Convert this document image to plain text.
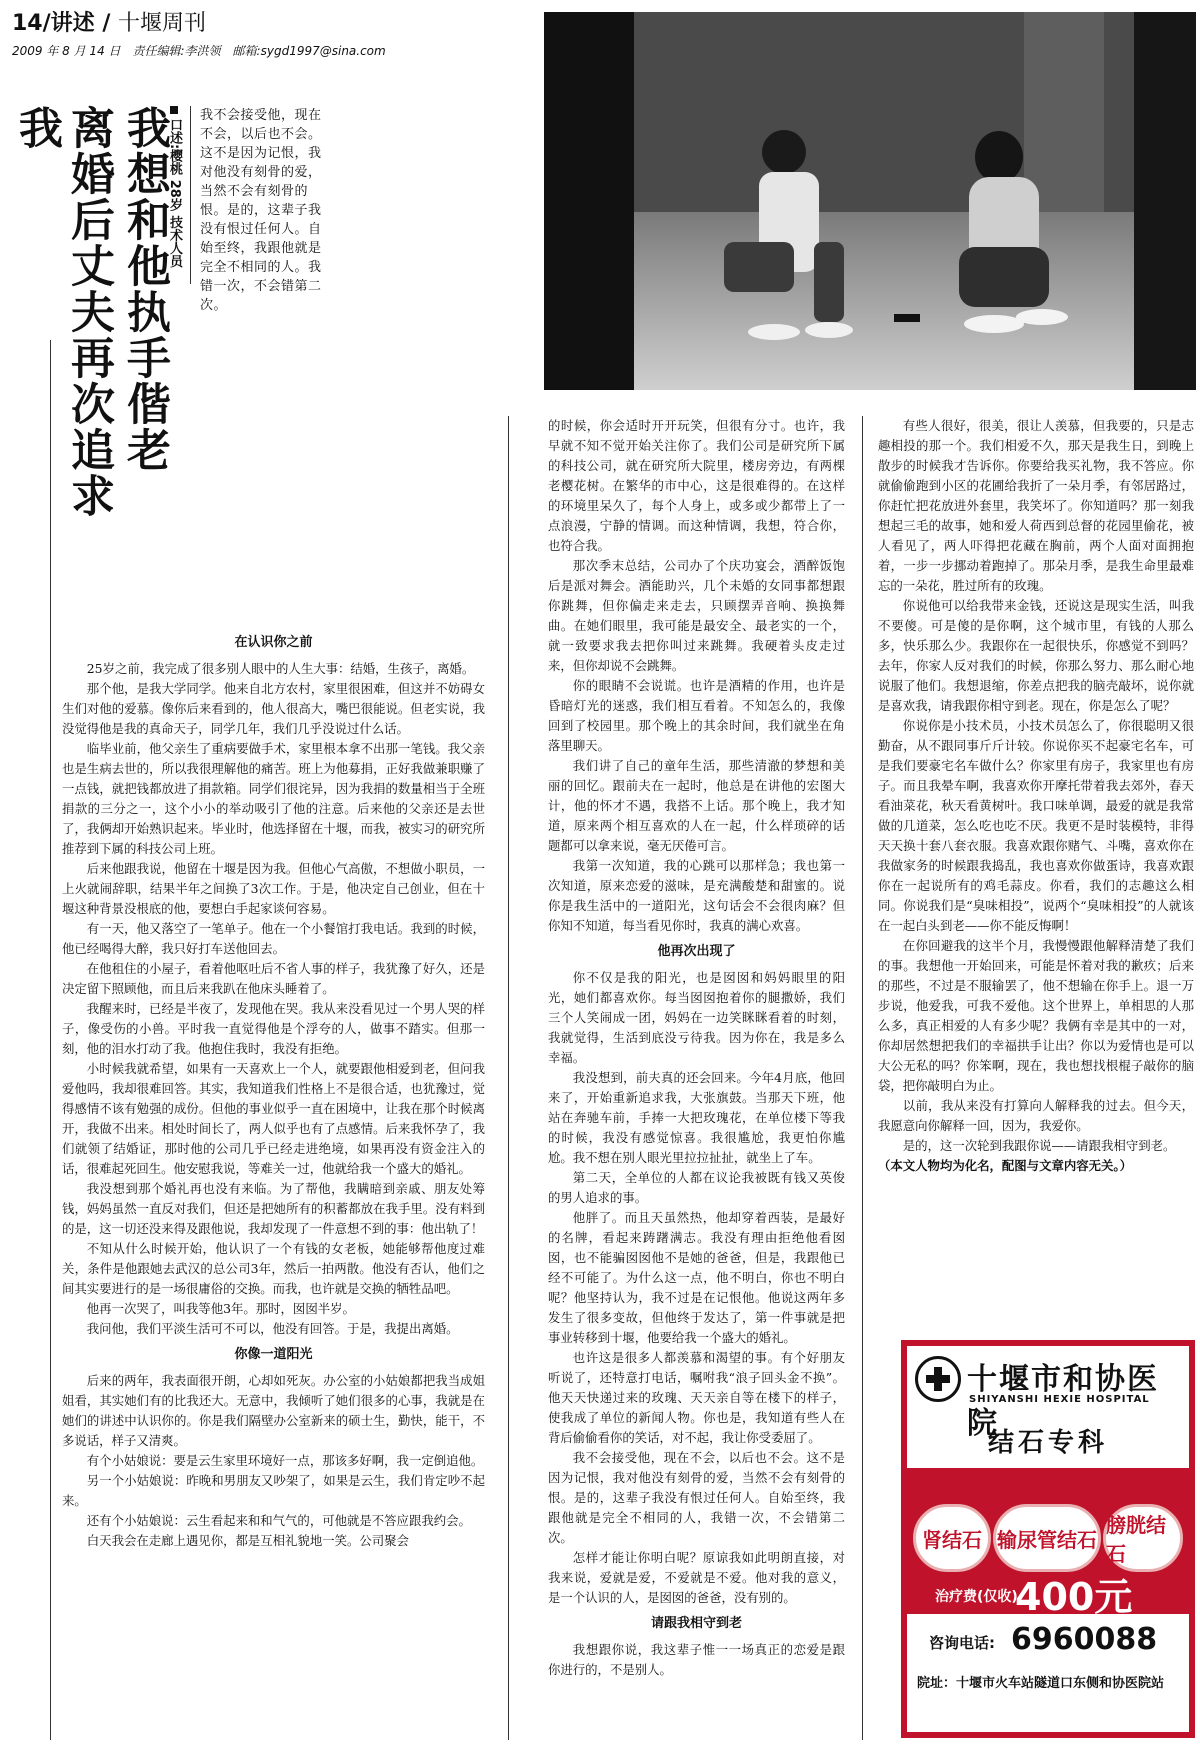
14/讲述 / 十堰周刊
2009 年 8 月 14 日　责任编辑:李洪领　邮箱:sygd1997@sina.com
我想和他执手偕老
离婚后丈夫再次追求我	口述:樱桃 28岁 技术人员
我不会接受他，现在不会，以后也不会。这不是因为记恨，我对他没有刻骨的爱，当然不会有刻骨的恨。是的，这辈子我没有恨过任何人。自始至终，我跟他就是完全不相同的人。我错一次，不会错第二次。
在认识你之前

25岁之前，我完成了很多别人眼中的人生大事：结婚，生孩子，离婚。

那个他，是我大学同学。他来自北方农村，家里很困难，但这并不妨碍女生们对他的爱慕。像你后来看到的，他人很高大，嘴巴很能说。但老实说，我没觉得他是我的真命天子，同学几年，我们几乎没说过什么话。

临毕业前，他父亲生了重病要做手术，家里根本拿不出那一笔钱。我父亲也是生病去世的，所以我很理解他的痛苦。班上为他募捐，正好我做兼职赚了一点钱，就把钱都放进了捐款箱。同学们很诧异，因为我捐的数量相当于全班捐款的三分之一，这个小小的举动吸引了他的注意。后来他的父亲还是去世了，我俩却开始熟识起来。毕业时，他选择留在十堰，而我，被实习的研究所推荐到下属的科技公司上班。

后来他跟我说，他留在十堰是因为我。但他心气高傲，不想做小职员，一上火就闹辞职，结果半年之间换了3次工作。于是，他决定自己创业，但在十堰这种背景没根底的他，要想白手起家谈何容易。

有一天，他又落空了一笔单子。他在一个小餐馆打我电话。我到的时候，他已经喝得大醉，我只好打车送他回去。

在他租住的小屋子，看着他呕吐后不省人事的样子，我犹豫了好久，还是决定留下照顾他，而且后来我趴在他床头睡着了。

我醒来时，已经是半夜了，发现他在哭。我从来没看见过一个男人哭的样子，像受伤的小兽。平时我一直觉得他是个浮夸的人，做事不踏实。但那一刻，他的泪水打动了我。他抱住我时，我没有拒绝。

小时候我就希望，如果有一天喜欢上一个人，就要跟他相爱到老，但问我爱他吗，我却很难回答。其实，我知道我们性格上不是很合适，也犹豫过，觉得感情不该有勉强的成份。但他的事业似乎一直在困境中，让我在那个时候离开，我做不出来。相处时间长了，两人似乎也有了点感情。后来我怀孕了，我们就领了结婚证，那时他的公司几乎已经走进绝境，如果再没有资金注入的话，很难起死回生。他安慰我说，等难关一过，他就给我一个盛大的婚礼。

我没想到那个婚礼再也没有来临。为了帮他，我瞒暗到亲戚、朋友处筹钱，妈妈虽然一直反对我们，但还是把她所有的积蓄都放在我手里。没有料到的是，这一切还没来得及跟他说，我却发现了一件意想不到的事：他出轨了！

不知从什么时候开始，他认识了一个有钱的女老板，她能够帮他度过难关，条件是他跟她去武汉的总公司3年，然后一拍两散。他没有否认，他们之间其实要进行的是一场很庸俗的交换。而我，也许就是交换的牺牲品吧。

他再一次哭了，叫我等他3年。那时，囡囡半岁。

我问他，我们平淡生活可不可以，他没有回答。于是，我提出离婚。

你像一道阳光

后来的两年，我表面很开朗，心却如死灰。办公室的小姑娘都把我当成姐姐看，其实她们有的比我还大。无意中，我倾听了她们很多的心事，我就是在她们的讲述中认识你的。你是我们隔壁办公室新来的硕士生，勤快，能干，不多说话，样子又清爽。

有个小姑娘说：要是云生家里环境好一点，那该多好啊，我一定倒追他。

另一个小姑娘说：昨晚和男朋友又吵架了，如果是云生，我们肯定吵不起来。

还有个小姑娘说：云生看起来和和气气的，可他就是不答应跟我约会。

白天我会在走廊上遇见你，都是互相礼貌地一笑。公司聚会

的时候，你会适时开开玩笑，但很有分寸。也许，我早就不知不觉开始关注你了。我们公司是研究所下属的科技公司，就在研究所大院里，楼房旁边，有两棵老樱花树。在繁华的市中心，这是很难得的。在这样的环境里呆久了，每个人身上，或多或少都带上了一点浪漫，宁静的情调。而这种情调，我想，符合你，也符合我。

那次季末总结，公司办了个庆功宴会，酒醉饭饱后是派对舞会。酒能助兴，几个未婚的女同事都想跟你跳舞，但你偏走来走去，只顾摆弄音响、换换舞曲。在她们眼里，我可能是最安全、最老实的一个，就一致要求我去把你叫过来跳舞。我硬着头皮走过来，但你却说不会跳舞。

你的眼睛不会说谎。也许是酒精的作用，也许是昏暗灯光的迷惑，我们相互看着。不知怎么的，我像回到了校园里。那个晚上的其余时间，我们就坐在角落里聊天。

我们讲了自己的童年生活，那些清澈的梦想和美丽的回忆。跟前夫在一起时，他总是在讲他的宏图大计，他的怀才不遇，我搭不上话。那个晚上，我才知道，原来两个相互喜欢的人在一起，什么样琐碎的话题都可以拿来说，毫无厌倦可言。

我第一次知道，我的心跳可以那样急；我也第一次知道，原来恋爱的滋味，是充满酸楚和甜蜜的。说你是我生活中的一道阳光，这句话会不会很肉麻？但你知不知道，每当看见你时，我真的满心欢喜。

他再次出现了

你不仅是我的阳光，也是囡囡和妈妈眼里的阳光，她们都喜欢你。每当囡囡抱着你的腿撒娇，我们三个人笑闹成一团，妈妈在一边笑眯眯看着的时刻，我就觉得，生活到底没亏待我。因为你在，我是多么幸福。

我没想到，前夫真的还会回来。今年4月底，他回来了，开始重新追求我，大张旗鼓。当那天下班，他站在奔驰车前，手捧一大把玫瑰花，在单位楼下等我的时候，我没有感觉惊喜。我很尴尬，我更怕你尴尬。我不想在别人眼光里拉拉扯扯，就坐上了车。

第二天，全单位的人都在议论我被既有钱又英俊的男人追求的事。

他胖了。而且天虽然热，他却穿着西装，是最好的名牌，看起来踌躇满志。我没有理由拒绝他看囡囡，也不能骗囡囡他不是她的爸爸，但是，我跟他已经不可能了。为什么这一点，他不明白，你也不明白呢？他坚持认为，我不过是在记恨他。他说这两年多发生了很多变故，但他终于发达了，第一件事就是把事业转移到十堰，他要给我一个盛大的婚礼。

也许这是很多人都羡慕和渴望的事。有个好朋友听说了，还特意打电话，嘱咐我“浪子回头金不换”。他天天快递过来的玫瑰、天天亲自等在楼下的样子，使我成了单位的新闻人物。你也是，我知道有些人在背后偷偷看你的笑话，对不起，我让你受委屈了。

我不会接受他，现在不会，以后也不会。这不是因为记恨，我对他没有刻骨的爱，当然不会有刻骨的恨。是的，这辈子我没有恨过任何人。自始至终，我跟他就是完全不相同的人，我错一次，不会错第二次。

怎样才能让你明白呢？原谅我如此明朗直接，对我来说，爱就是爱，不爱就是不爱。他对我的意义，是一个认识的人，是囡囡的爸爸，没有别的。

请跟我相守到老

我想跟你说，我这辈子惟一一场真正的恋爱是跟你进行的，不是别人。

有些人很好，很美，很让人羡慕，但我要的，只是志趣相投的那一个。我们相爱不久，那天是我生日，到晚上散步的时候我才告诉你。你要给我买礼物，我不答应。你就偷偷跑到小区的花圃给我折了一朵月季，有邻居路过，你赶忙把花放进外套里，我笑坏了。你知道吗？那一刻我想起三毛的故事，她和爱人荷西到总督的花园里偷花，被人看见了，两人吓得把花藏在胸前，两个人面对面拥抱着，一步一步挪动着跑掉了。那朵月季，是我生命里最难忘的一朵花，胜过所有的玫瑰。

你说他可以给我带来金钱，还说这是现实生活，叫我不要傻。可是傻的是你啊，这个城市里，有钱的人那么多，快乐那么少。我跟你在一起很快乐，你感觉不到吗？去年，你家人反对我们的时候，你那么努力、那么耐心地说服了他们。我想退缩，你差点把我的脑壳敲坏，说你就是喜欢我，请我跟你相守到老。现在，你是怎么了呢？

你说你是小技术员，小技术员怎么了，你很聪明又很勤奋，从不跟同事斤斤计较。你说你买不起豪宅名车，可是我们要豪宅名车做什么？你家里有房子，我家里也有房子。而且我晕车啊，我喜欢你开摩托带着我去郊外，春天看油菜花，秋天看黄树叶。我口味单调，最爱的就是我常做的几道菜，怎么吃也吃不厌。我更不是时装模特，非得天天换十套八套衣服。我喜欢跟你赌气、斗嘴，喜欢你在我做家务的时候跟我捣乱，我也喜欢你做蛋诗，我喜欢跟你在一起说所有的鸡毛蒜皮。你看，我们的志趣这么相同。你说我们是“臭味相投”，说两个“臭味相投”的人就该在一起白头到老——你不能反悔啊！

在你回避我的这半个月，我慢慢跟他解释清楚了我们的事。我想他一开始回来，可能是怀着对我的歉疚；后来的那些，不过是不服输罢了，他不想输在你手上。退一万步说，他爱我，可我不爱他。这个世界上，单相思的人那么多，真正相爱的人有多少呢？我俩有幸是其中的一对，你却居然想把我们的幸福拱手让出？你以为爱情也是可以大公无私的吗？你笨啊，现在，我也想找根棍子敲你的脑袋，把你敲明白为止。

以前，我从来没有打算向人解释我的过去。但今天，我愿意向你解释一回，因为，我爱你。

是的，这一次轮到我跟你说——请跟我相守到老。

（本文人物均为化名，配图与文章内容无关。）

十堰市和协医院
SHIYANSHI HEXIE HOSPITAL
结石专科
肾结石 输尿管结石
膀胱结石
治疗费(仅收)
400元
咨询电话: 6960088
院址：十堰市火车站隧道口东侧和协医院站
